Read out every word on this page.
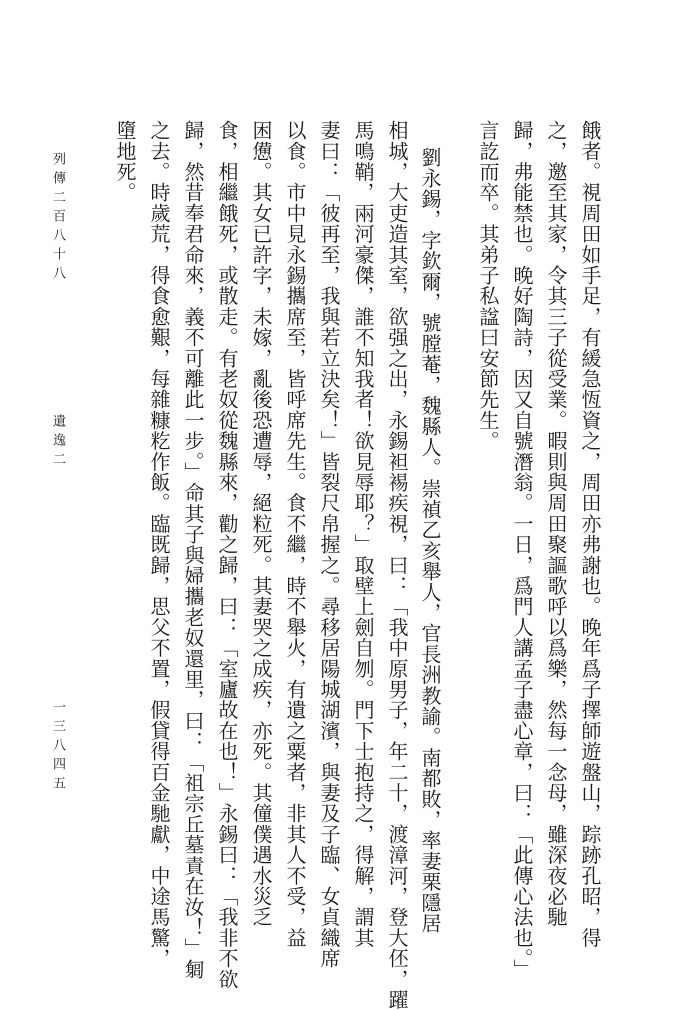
餓者。視周田如手足，有緩急恆資之，周田亦弗謝也。晚年爲子擇師遊盤山，踪跡孔昭，得
之，邀至其家，令其三子從受業。暇則與周田聚謳歌呼以爲樂，然每一念母，雖深夜必馳
歸，弗能禁也。晚好陶詩，因又自號潛翁。一日，爲門人講孟子盡心章，曰：「此傳心法也。」
言訖而卒。其弟子私諡曰安節先生。
劉永錫，字欽爾，號膛菴，魏縣人。崇禎乙亥舉人，官長洲教諭。南都敗，率妻栗隱居
相城，大吏造其室，欲强之出，永錫袒裼疾視，曰：「我中原男子，年二十，渡漳河，登大伾，躍
馬鳴鞘，兩河豪傑，誰不知我者！欲見辱耶？」取壁上劍自刎。門下士抱持之，得解，謂其
妻曰：「彼再至，我與若立決矣！」皆裂尺帛握之。尋移居陽城湖濱，與妻及子臨、女貞織席
以食。市中見永錫攜席至，皆呼席先生。食不繼，時不舉火，有遺之粟者，非其人不受，益
困憊。其女已許字，未嫁，亂後恐遭辱，絕粒死。其妻哭之成疾，亦死。其僮僕遇水災乏
食，相繼餓死，或散走。有老奴從魏縣來，勸之歸，曰：「室廬故在也！」永錫曰：「我非不欲
歸，然昔奉君命來，義不可離此一步。」命其子與婦攜老奴還里，曰：「祖宗丘墓責在汝！」匔
之去。時歲荒，得食愈艱，每雜糠籺作飯。臨既歸，思父不置，假貸得百金馳獻，中途馬驚，
墮地死。
列傳二百八十八
遺逸二
一三八四五
